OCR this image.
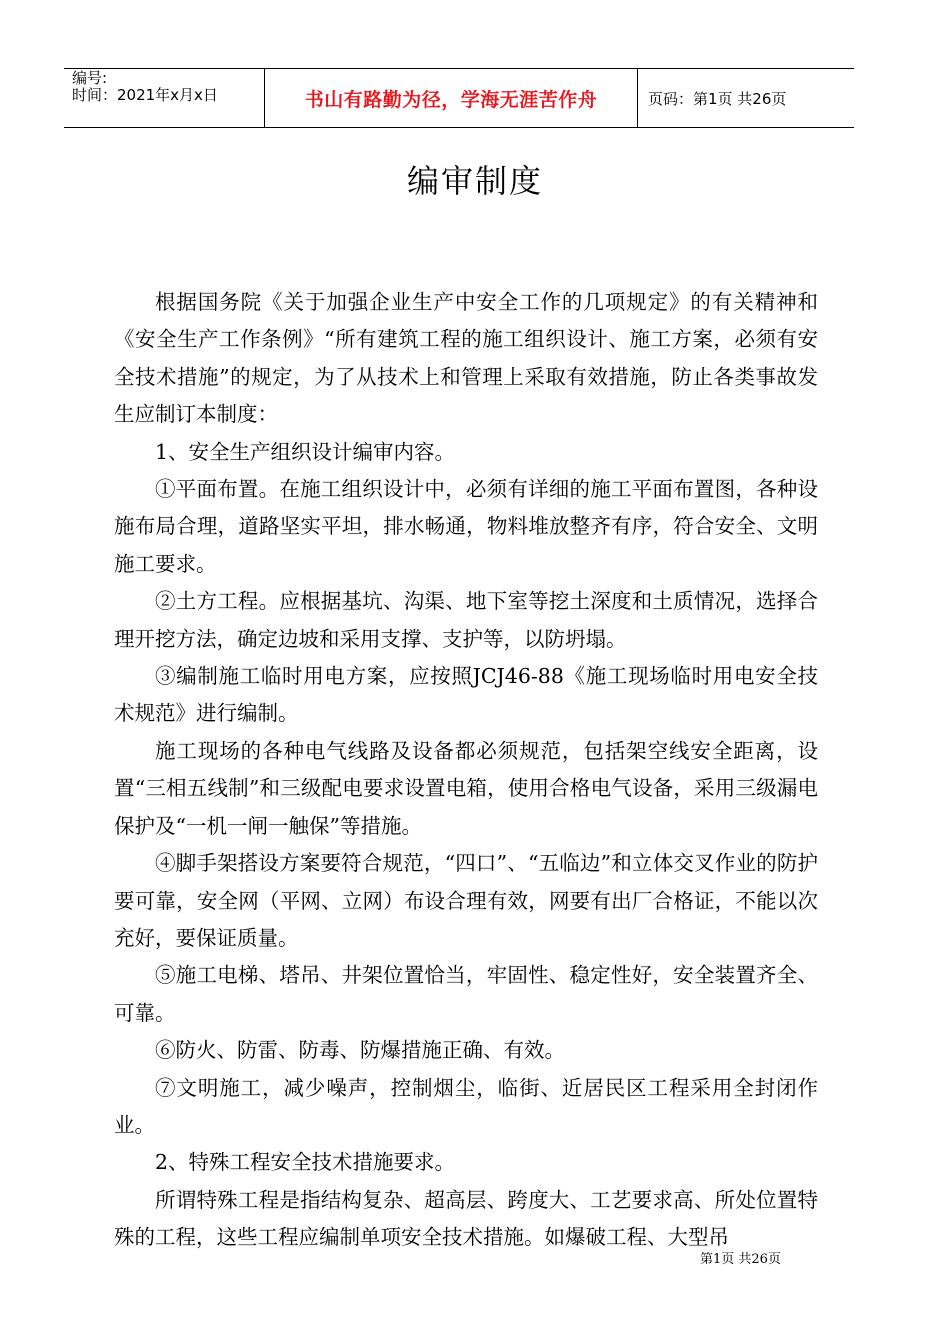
编号:
时间：2021年x月x日	书山有路勤为径，学海无涯苦作舟	页码：第1页 共26页
编审制度

根据国务院《关于加强企业生产中安全工作的几项规定》的有关精神和《安全生产工作条例》“所有建筑工程的施工组织设计、施工方案，必须有安全技术措施”的规定，为了从技术上和管理上采取有效措施，防止各类事故发生应制订本制度：

1、安全生产组织设计编审内容。

①平面布置。在施工组织设计中，必须有详细的施工平面布置图，各种设施布局合理，道路坚实平坦，排水畅通，物料堆放整齐有序，符合安全、文明施工要求。

②土方工程。应根据基坑、沟渠、地下室等挖土深度和土质情况，选择合理开挖方法，确定边坡和采用支撑、支护等，以防坍塌。

③编制施工临时用电方案，应按照JCJ46-88《施工现场临时用电安全技术规范》进行编制。

施工现场的各种电气线路及设备都必须规范，包括架空线安全距离，设置“三相五线制”和三级配电要求设置电箱，使用合格电气设备，采用三级漏电保护及“一机一闸一触保”等措施。

④脚手架搭设方案要符合规范，“四口”、“五临边”和立体交叉作业的防护要可靠，安全网（平网、立网）布设合理有效，网要有出厂合格证，不能以次充好，要保证质量。

⑤施工电梯、塔吊、井架位置恰当，牢固性、稳定性好，安全装置齐全、可靠。

⑥防火、防雷、防毒、防爆措施正确、有效。

⑦文明施工，减少噪声，控制烟尘，临街、近居民区工程采用全封闭作业。

2、特殊工程安全技术措施要求。

所谓特殊工程是指结构复杂、超高层、跨度大、工艺要求高、所处位置特殊的工程，这些工程应编制单项安全技术措施。如爆破工程、大型吊

第1页 共26页
